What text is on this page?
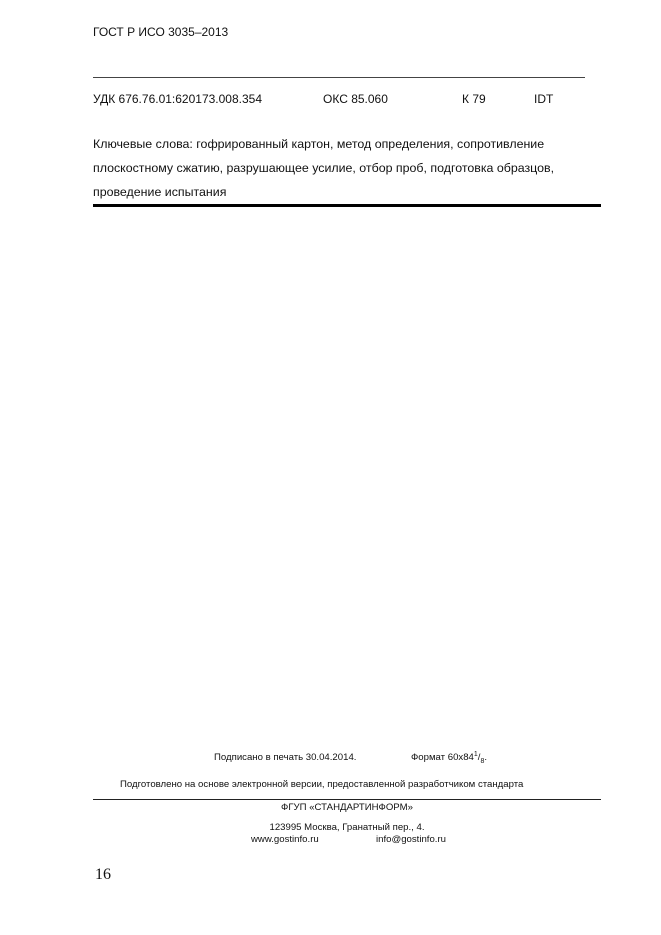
ГОСТ Р ИСО 3035–2013
УДК 676.76.01:620173.008.354	ОКС 85.060	К 79	IDT
Ключевые слова: гофрированный картон, метод определения, сопротивление плоскостному сжатию, разрушающее усилие, отбор проб, подготовка образцов, проведение испытания
Подписано в печать 30.04.2014.	Формат $60x84^1/_8$.
Подготовлено на основе электронной версии, предоставленной разработчиком стандарта
ФГУП «СТАНДАРТИНФОРМ»
123995 Москва, Гранатный пер., 4.
www.gostinfo.ru	info@gostinfo.ru
16
